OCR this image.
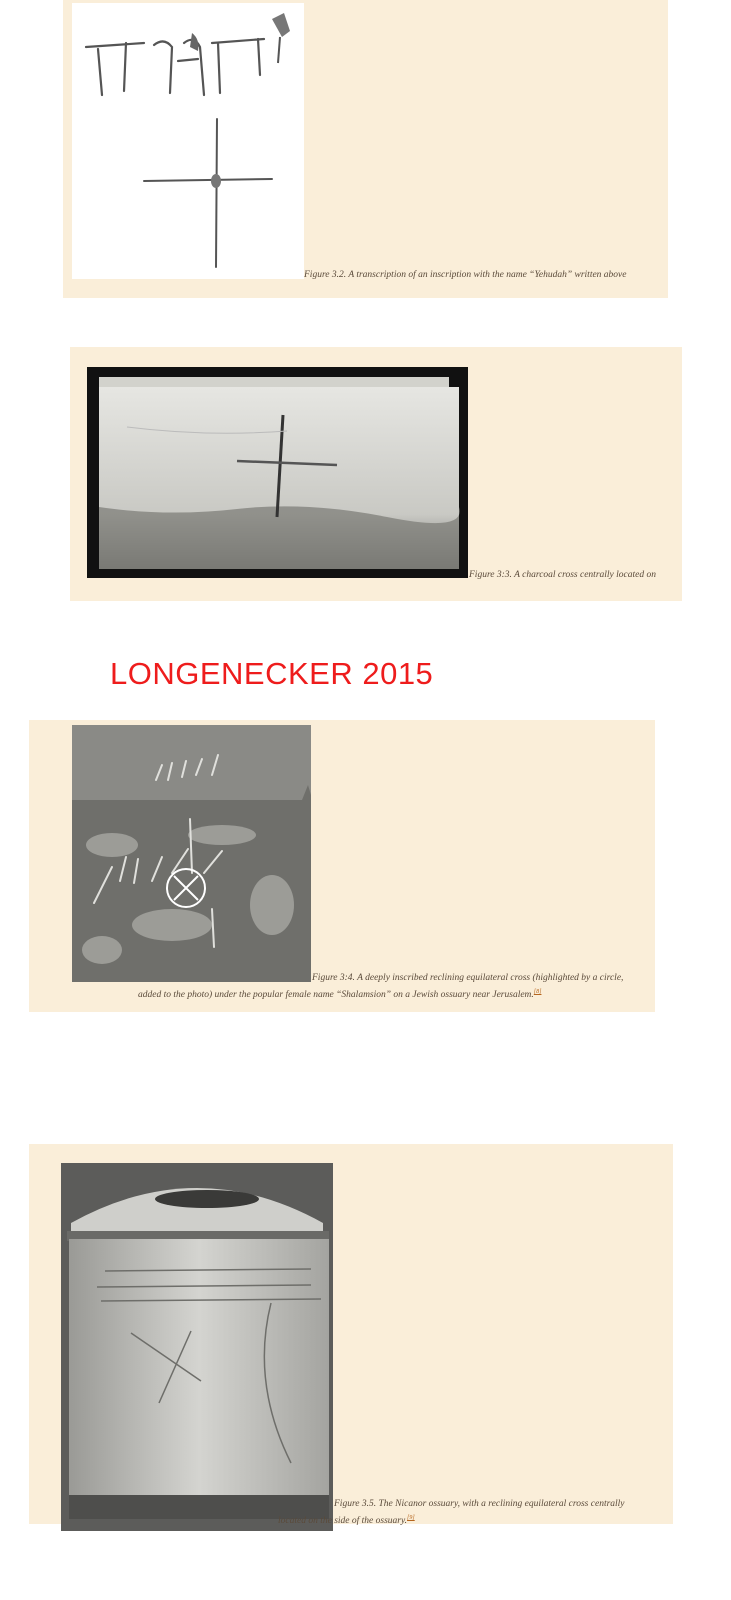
Figure 3.2. A transcription of an inscription with the name “Yehudah” written above
Figure 3:3. A charcoal cross centrally located on
LONGENECKER 2015
Figure 3:4. A deeply inscribed reclining equilateral cross (highlighted by a circle,
added to the photo) under the popular female name “Shalamsion” on a Jewish ossuary near Jerusalem.[8]
Figure 3.5. The Nicanor ossuary, with a reclining equilateral cross centrally
located on the side of the ossuary.[9]
